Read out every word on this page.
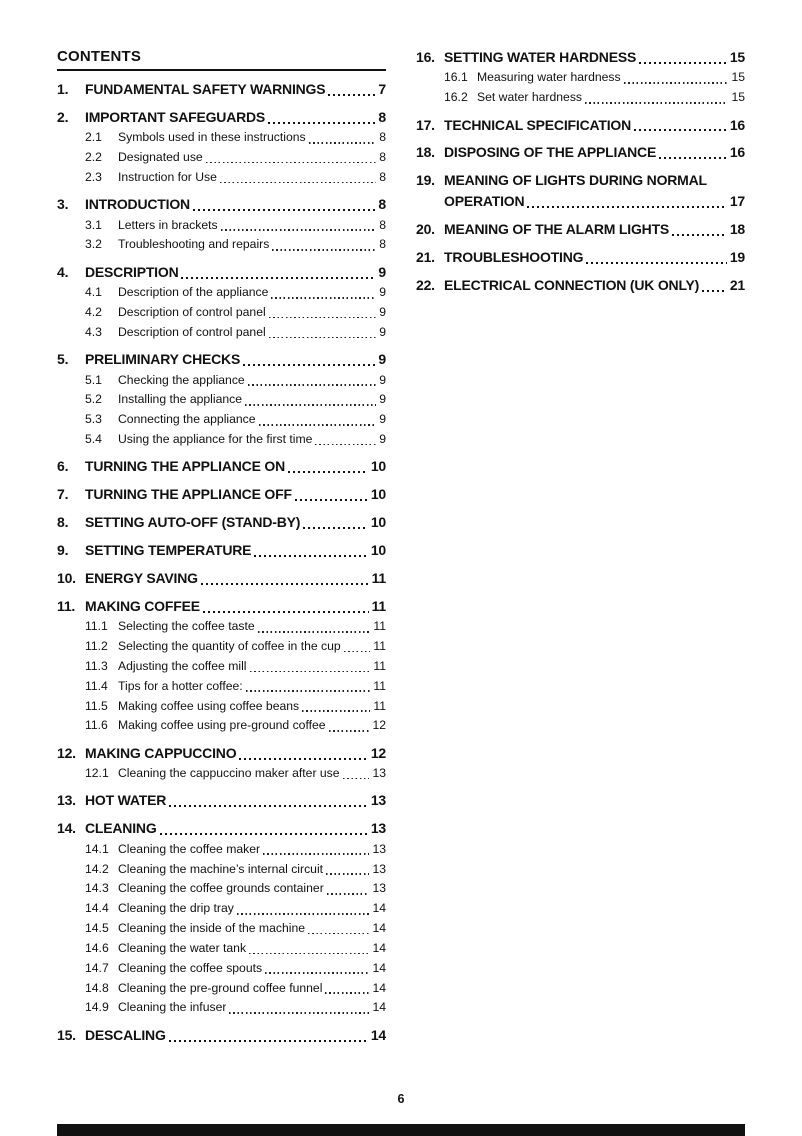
CONTENTS
1.	FUNDAMENTAL SAFETY WARNINGS	7
2.	IMPORTANT SAFEGUARDS	8
2.1	Symbols used in these instructions	8
2.2	Designated use	8
2.3	Instruction for Use	8
3.	INTRODUCTION	8
3.1	Letters in brackets	8
3.2	Troubleshooting and repairs	8
4.	DESCRIPTION	9
4.1	Description of the appliance	9
4.2	Description of control panel	9
4.3	Description of control panel	9
5.	PRELIMINARY CHECKS	9
5.1	Checking the appliance	9
5.2	Installing the appliance	9
5.3	Connecting the appliance	9
5.4	Using the appliance for the first time	9
6.	TURNING THE APPLIANCE ON	10
7.	TURNING THE APPLIANCE OFF	10
8.	SETTING AUTO-OFF (STAND-BY)	10
9.	SETTING TEMPERATURE	10
10. ENERGY SAVING	11
11. MAKING COFFEE	11
11.1 Selecting the coffee taste	11
11.2 Selecting the quantity of coffee in the cup	11
11.3 Adjusting the coffee mill	11
11.4 Tips for a hotter coffee:	11
11.5 Making coffee using coffee beans	11
11.6 Making coffee using pre-ground coffee	12
12. MAKING CAPPUCCINO	12
12.1 Cleaning the cappuccino maker after use	13
13. HOT WATER	13
14. CLEANING	13
14.1 Cleaning the coffee maker	13
14.2 Cleaning the machine’s internal circuit	13
14.3 Cleaning the coffee grounds container	13
14.4 Cleaning the drip tray	14
14.5 Cleaning the inside of the machine	14
14.6 Cleaning the water tank	14
14.7 Cleaning the coffee spouts	14
14.8 Cleaning the pre-ground coffee funnel	14
14.9 Cleaning the infuser	14
15. DESCALING	14
16. SETTING WATER HARDNESS	15
16.1 Measuring water hardness	15
16.2 Set water hardness	15
17. TECHNICAL SPECIFICATION	16
18. DISPOSING OF THE APPLIANCE	16
19. MEANING OF LIGHTS DURING NORMAL
OPERATION	17
20. MEANING OF THE ALARM LIGHTS	18
21. TROUBLESHOOTING	19
22. ELECTRICAL CONNECTION (UK ONLY) 21
6
